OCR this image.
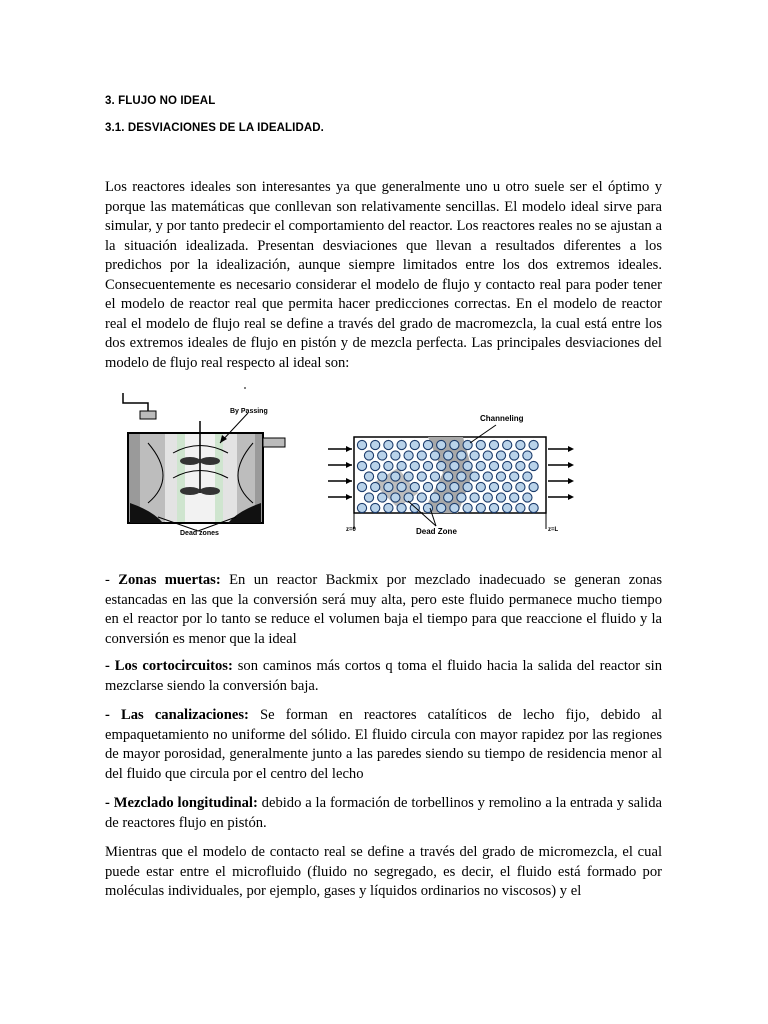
3. FLUJO NO IDEAL
3.1. DESVIACIONES DE LA IDEALIDAD.

Los reactores ideales son interesantes ya que generalmente uno u otro suele ser el óptimo y porque las matemáticas que conllevan son relativamente sencillas. El modelo ideal sirve para simular, y por tanto predecir el comportamiento del reactor. Los reactores reales no se ajustan a la situación idealizada. Presentan desviaciones que llevan a resultados diferentes a los predichos por la idealización, aunque siempre limitados entre los dos extremos ideales. Consecuentemente es necesario considerar el modelo de flujo y contacto real para poder tener el modelo de reactor real que permita hacer predicciones correctas. En el modelo de reactor real el modelo de flujo real se define a través del grado de macromezcla, la cual está entre los dos extremos ideales de flujo en pistón y de mezcla perfecta. Las principales desviaciones del modelo de flujo real respecto al ideal son:

By Passing
Dead zones
Channeling
Dead Zone
z=0	z=L

- Zonas muertas: En un reactor Backmix por mezclado inadecuado se generan zonas estancadas en las que la conversión será muy alta, pero este fluido permanece mucho tiempo en el reactor por lo tanto se reduce el volumen baja el tiempo para que reaccione el fluido y la conversión es menor que la ideal

- Los cortocircuitos: son caminos más cortos q toma el fluido hacia la salida del reactor sin mezclarse siendo la conversión baja.

- Las canalizaciones: Se forman en reactores catalíticos de lecho fijo, debido al empaquetamiento no uniforme del sólido. El fluido circula con mayor rapidez por las regiones de mayor porosidad, generalmente junto a las paredes siendo su tiempo de residencia menor al del fluido que circula por el centro del lecho

- Mezclado longitudinal: debido a la formación de torbellinos y remolino a la entrada y salida de reactores flujo en pistón.

Mientras que el modelo de contacto real se define a través del grado de micromezcla, el cual puede estar entre el microfluido (fluido no segregado, es decir, el fluido está formado por moléculas individuales, por ejemplo, gases y líquidos ordinarios no viscosos) y el
